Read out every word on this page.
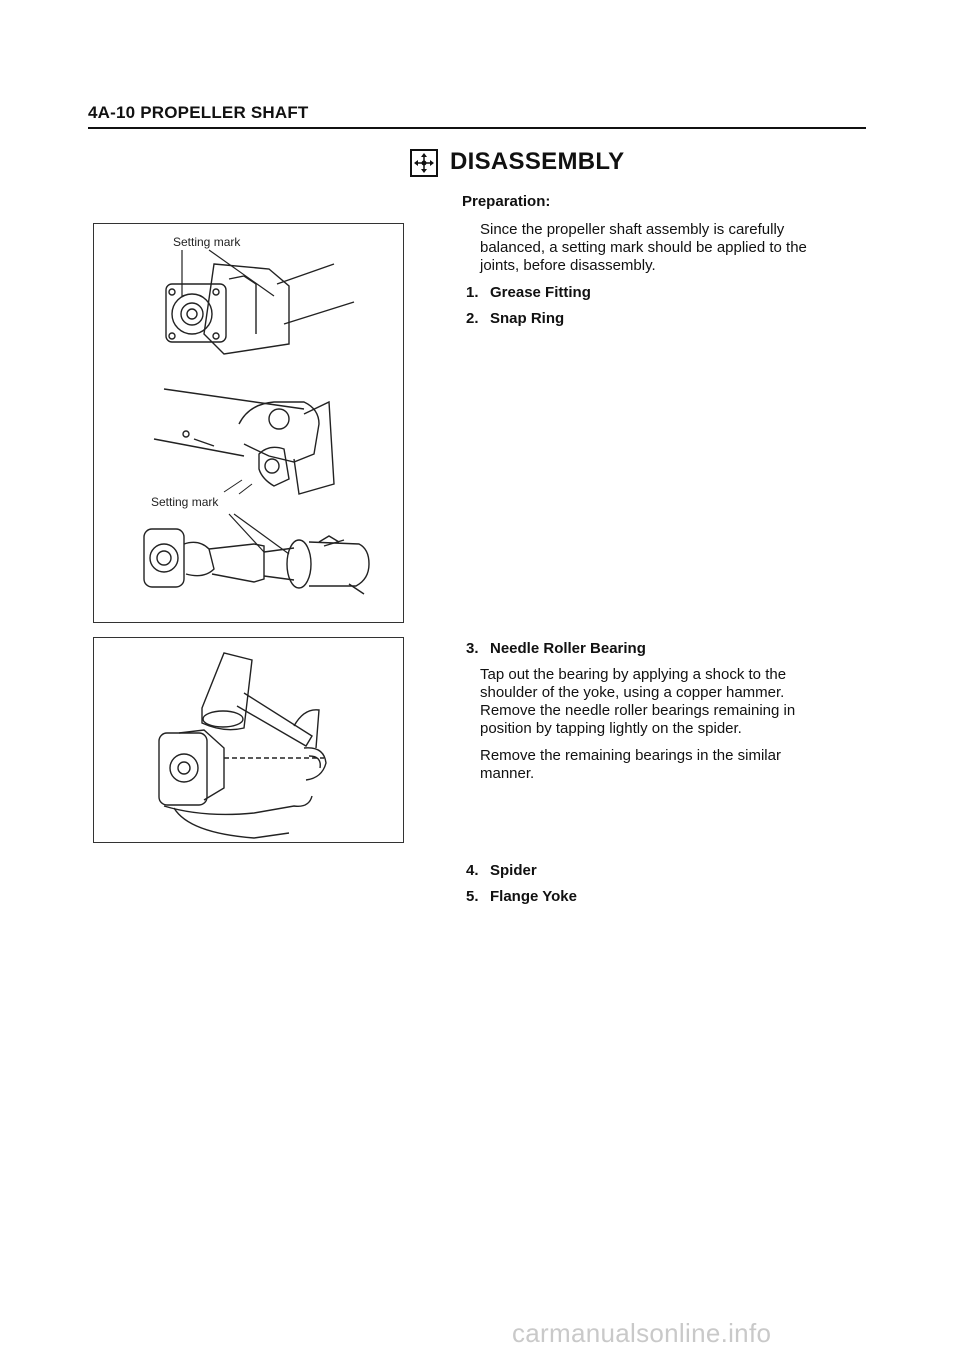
4A-10 PROPELLER SHAFT
DISASSEMBLY
Preparation:
Since the propeller shaft assembly is carefully
balanced, a setting mark should be applied to the
joints, before disassembly.
1. Grease Fitting
2. Snap Ring
3. Needle Roller Bearing
Tap out the bearing by applying a shock to the
shoulder of the yoke, using a copper hammer.
Remove the needle roller bearings remaining in
position by tapping lightly on the spider.
Remove the remaining bearings in the similar
manner.
4. Spider
5. Flange Yoke
Setting mark
Setting mark
carmanualsonline.info
